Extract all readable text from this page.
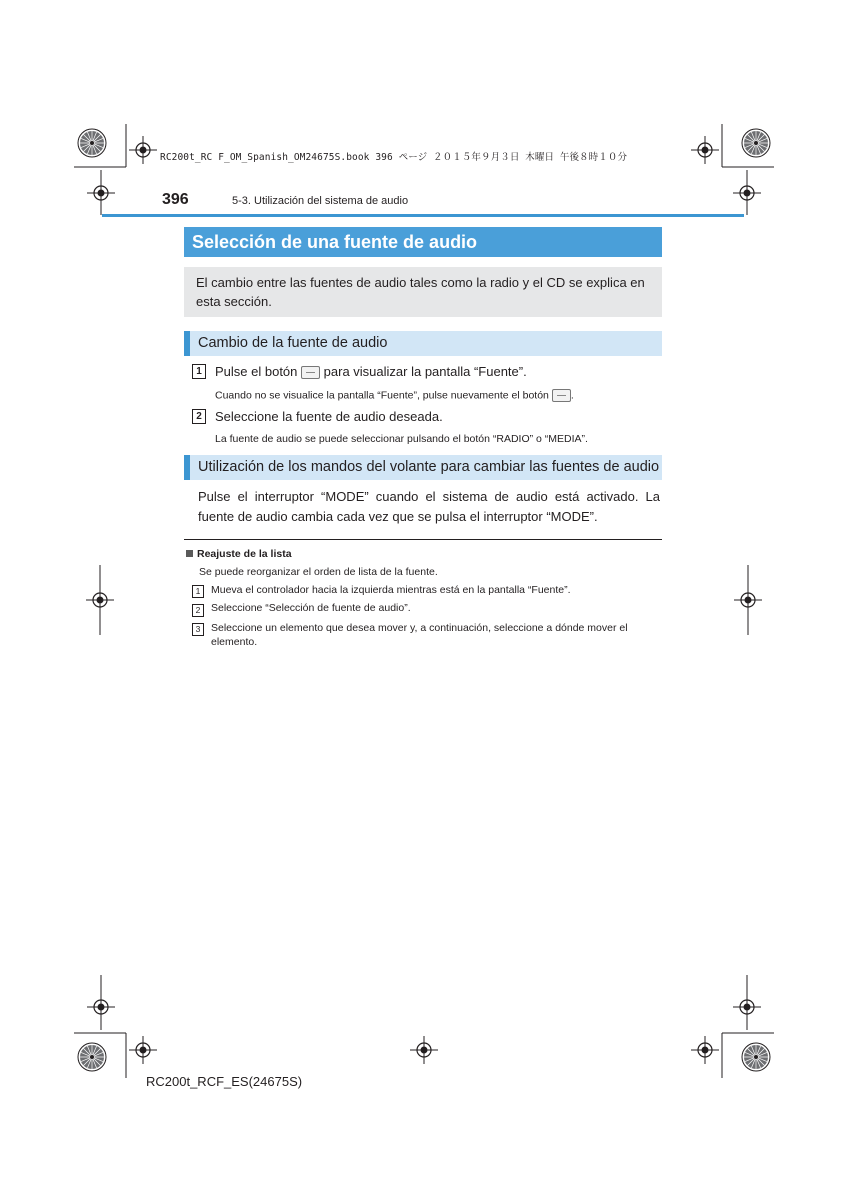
RC200t_RC F_OM_Spanish_OM24675S.book 396 ページ ２０１５年９月３日 木曜日 午後８時１０分
396	5-3. Utilización del sistema de audio
Selección de una fuente de audio
El cambio entre las fuentes de audio tales como la radio y el CD se explica en esta sección.
Cambio de la fuente de audio
1	Pulse el botón para visualizar la pantalla “Fuente”.
Cuando no se visualice la pantalla “Fuente”, pulse nuevamente el botón .
2	Seleccione la fuente de audio deseada.
La fuente de audio se puede seleccionar pulsando el botón “RADIO” o “MEDIA”.
Utilización de los mandos del volante para cambiar las fuentes de audio
Pulse el interruptor “MODE” cuando el sistema de audio está activado. La fuente de audio cambia cada vez que se pulsa el interruptor “MODE”.
Reajuste de la lista
Se puede reorganizar el orden de lista de la fuente.
1	Mueva el controlador hacia la izquierda mientras está en la pantalla “Fuente”.
2	Seleccione “Selección de fuente de audio”.
3	Seleccione un elemento que desea mover y, a continuación, seleccione a dónde mover el
elemento.
RC200t_RCF_ES(24675S)
